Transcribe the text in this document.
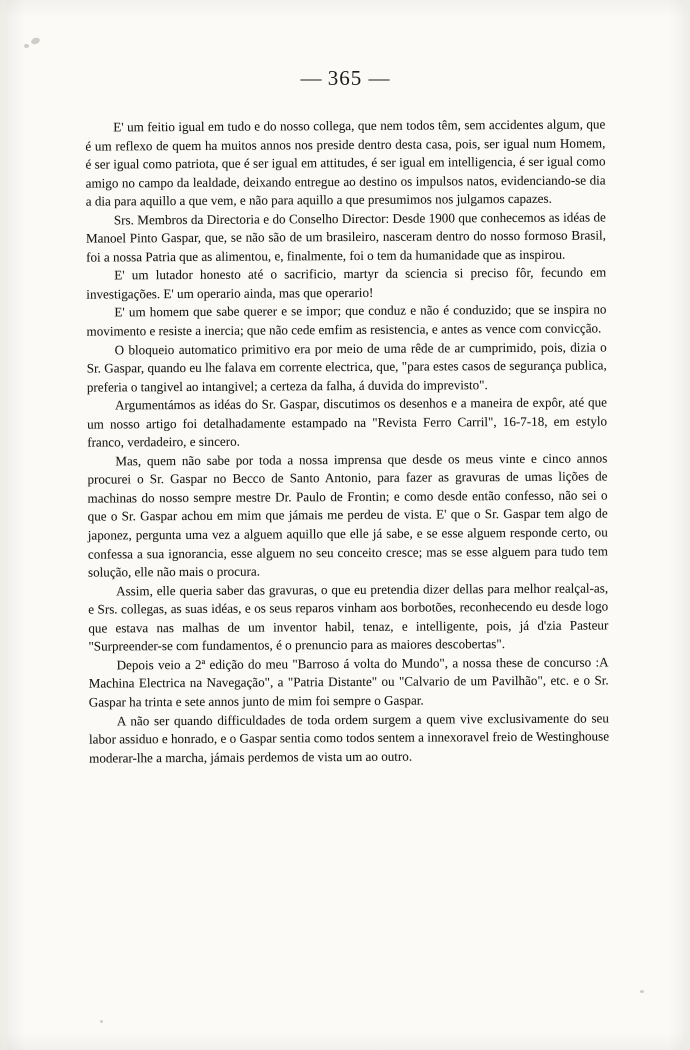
— 365 —

E' um feitio igual em tudo e do nosso collega, que nem todos têm, sem accidentes algum, que é um reflexo de quem ha muitos annos nos preside dentro desta casa, pois, ser igual num Homem, é ser igual como patriota, que é ser igual em attitudes, é ser igual em intelligencia, é ser igual como amigo no campo da lealdade, deixando entregue ao destino os impulsos natos, evidenciando-se dia a dia para aquillo a que vem, e não para aquillo a que presumimos nos julgamos capazes.

Srs. Membros da Directoria e do Conselho Director: Desde 1900 que conhecemos as idéas de Manoel Pinto Gaspar, que, se não são de um brasileiro, nasceram dentro do nosso formoso Brasil, foi a nossa Patria que as alimentou, e, finalmente, foi o tem da humanidade que as inspirou.

E' um lutador honesto até o sacrificio, martyr da sciencia si preciso fôr, fecundo em investigações. E' um operario ainda, mas que operario!

E' um homem que sabe querer e se impor; que conduz e não é conduzido; que se inspira no movimento e resiste a inercia; que não cede emfim as resistencia, e antes as vence com convicção.

O bloqueio automatico primitivo era por meio de uma rêde de ar cumprimido, pois, dizia o Sr. Gaspar, quando eu lhe falava em corrente electrica, que, "para estes casos de segurança publica, preferia o tangivel ao intangivel; a certeza da falha, á duvida do imprevisto".

Argumentámos as idéas do Sr. Gaspar, discutimos os desenhos e a maneira de expôr, até que um nosso artigo foi detalhadamente estampado na "Revista Ferro Carril", 16-7-18, em estylo franco, verdadeiro, e sincero.

Mas, quem não sabe por toda a nossa imprensa que desde os meus vinte e cinco annos procurei o Sr. Gaspar no Becco de Santo Antonio, para fazer as gravuras de umas lições de machinas do nosso sempre mestre Dr. Paulo de Frontin; e como desde então confesso, não sei o que o Sr. Gaspar achou em mim que jámais me perdeu de vista. E' que o Sr. Gaspar tem algo de japonez, pergunta uma vez a alguem aquillo que elle já sabe, e se esse alguem responde certo, ou confessa a sua ignorancia, esse alguem no seu conceito cresce; mas se esse alguem para tudo tem solução, elle não mais o procura.

Assim, elle queria saber das gravuras, o que eu pretendia dizer dellas para melhor realçal-as, e Srs. collegas, as suas idéas, e os seus reparos vinham aos borbotões, reconhecendo eu desde logo que estava nas malhas de um inventor habil, tenaz, e intelligente, pois, já d'zia Pasteur "Surpreender-se com fundamentos, é o prenuncio para as maiores descobertas".

Depois veio a 2ª edição do meu "Barroso á volta do Mundo", a nossa these de concurso :A Machina Electrica na Navegação", a "Patria Distante" ou "Calvario de um Pavilhão", etc. e o Sr. Gaspar ha trinta e sete annos junto de mim foi sempre o Gaspar.

A não ser quando difficuldades de toda ordem surgem a quem vive exclusivamente do seu labor assiduo e honrado, e o Gaspar sentia como todos sentem a innexoravel freio de Westinghouse moderar-lhe a marcha, jámais perdemos de vista um ao outro.
